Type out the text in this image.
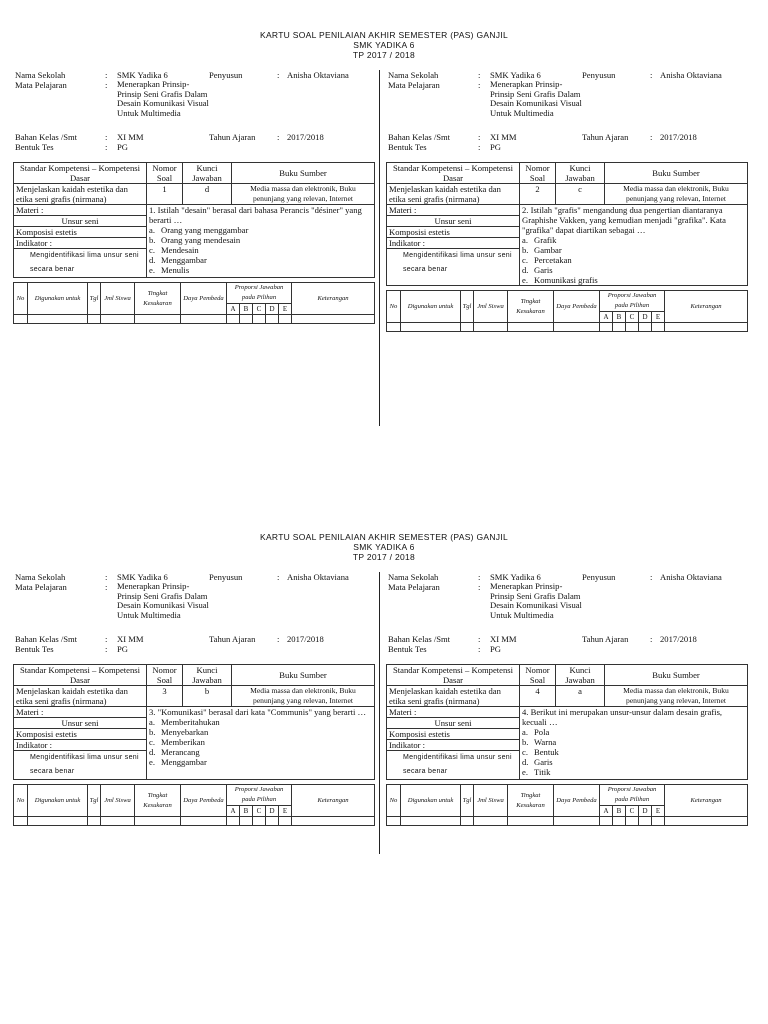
KARTU SOAL PENILAIAN AKHIR SEMESTER (PAS) GANJIL
SMK YADIKA 6
TP 2017 / 2018
KARTU SOAL PENILAIAN AKHIR SEMESTER (PAS) GANJIL
SMK YADIKA 6
TP 2017 / 2018
Nama Sekolah	: SMK Yadika 6	Penyusun	: Anisha Oktaviana
Mata Pelajaran	: Menerapkan Prinsip-Prinsip Seni Grafis Dalam Desain Komunikasi Visual Untuk Multimedia
Bahan Kelas /Smt	: XI MM	Tahun Ajaran	: 2017/2018
Bentuk Tes	: PG
Standar Kompetensi – Kompetensi Dasar	Nomor Soal	Kunci Jawaban	Buku Sumber
Menjelaskan kaidah estetika dan etika seni grafis (nirmana)	1	d	Media massa dan elektronik, Buku penunjang yang relevan, Internet
Materi :
Unsur seni
Komposisi estetis
Indikator :
Mengidentifikasi lima unsur seni secara benar

1. Istilah "desain" berasal dari bahasa Perancis "désiner" yang berarti …
a. Orang yang menggambar
b. Orang yang mendesain
c. Mendesain
d. Menggambar
e. Menulis
No	Digunakan untuk	Tgl	Jml Siswa	Tingkat Kesukaran	Daya Pembeda	Proporsi Jawaban pada Pilihan					Keterangan
						A	B	C	D	E	

Nama Sekolah	: SMK Yadika 6	Penyusun	: Anisha Oktaviana
Mata Pelajaran	: Menerapkan Prinsip-Prinsip Seni Grafis Dalam Desain Komunikasi Visual Untuk Multimedia
Bahan Kelas /Smt	: XI MM	Tahun Ajaran	: 2017/2018
Bentuk Tes	: PG
Standar Kompetensi – Kompetensi Dasar	Nomor Soal	Kunci Jawaban	Buku Sumber
Menjelaskan kaidah estetika dan etika seni grafis (nirmana)	2	c	Media massa dan elektronik, Buku penunjang yang relevan, Internet
Materi :
Unsur seni
Komposisi estetis
Indikator :
Mengidentifikasi lima unsur seni secara benar

2. Istilah "grafis" mengandung dua pengertian diantaranya Graphishe Vakken, yang kemudian menjadi "grafika". Kata "grafika" dapat diartikan sebagai …
a. Grafik
b. Gambar
c. Percetakan
d. Garis
e. Komunikasi grafis
No	Digunakan untuk	Tgl	Jml Siswa	Tingkat Kesukaran	Daya Pembeda	Proporsi Jawaban pada Pilihan					Keterangan
						A	B	C	D	E	

Nama Sekolah	: SMK Yadika 6	Penyusun	: Anisha Oktaviana
Mata Pelajaran	: Menerapkan Prinsip-Prinsip Seni Grafis Dalam Desain Komunikasi Visual Untuk Multimedia
Bahan Kelas /Smt	: XI MM	Tahun Ajaran	: 2017/2018
Bentuk Tes	: PG
Standar Kompetensi – Kompetensi Dasar	Nomor Soal	Kunci Jawaban	Buku Sumber
Menjelaskan kaidah estetika dan etika seni grafis (nirmana)	3	b	Media massa dan elektronik, Buku penunjang yang relevan, Internet
Materi :
Unsur seni
Komposisi estetis
Indikator :
Mengidentifikasi lima unsur seni secara benar

3. "Komunikasi" berasal dari kata "Communis" yang berarti …
a. Memberitahukan
b. Menyebarkan
c. Memberikan
d. Merancang
e. Menggambar
No	Digunakan untuk	Tgl	Jml Siswa	Tingkat Kesukaran	Daya Pembeda	Proporsi Jawaban pada Pilihan					Keterangan
						A	B	C	D	E	

Nama Sekolah	: SMK Yadika 6	Penyusun	: Anisha Oktaviana
Mata Pelajaran	: Menerapkan Prinsip-Prinsip Seni Grafis Dalam Desain Komunikasi Visual Untuk Multimedia
Bahan Kelas /Smt	: XI MM	Tahun Ajaran	: 2017/2018
Bentuk Tes	: PG
Standar Kompetensi – Kompetensi Dasar	Nomor Soal	Kunci Jawaban	Buku Sumber
Menjelaskan kaidah estetika dan etika seni grafis (nirmana)	4	a	Media massa dan elektronik, Buku penunjang yang relevan, Internet
Materi :
Unsur seni
Komposisi estetis
Indikator :
Mengidentifikasi lima unsur seni secara benar

4. Berikut ini merupakan unsur-unsur dalam desain grafis, kecuali …
a. Pola
b. Warna
c. Bentuk
d. Garis
e. Titik
No	Digunakan untuk	Tgl	Jml Siswa	Tingkat Kesukaran	Daya Pembeda	Proporsi Jawaban pada Pilihan					Keterangan
						A	B	C	D	E	
